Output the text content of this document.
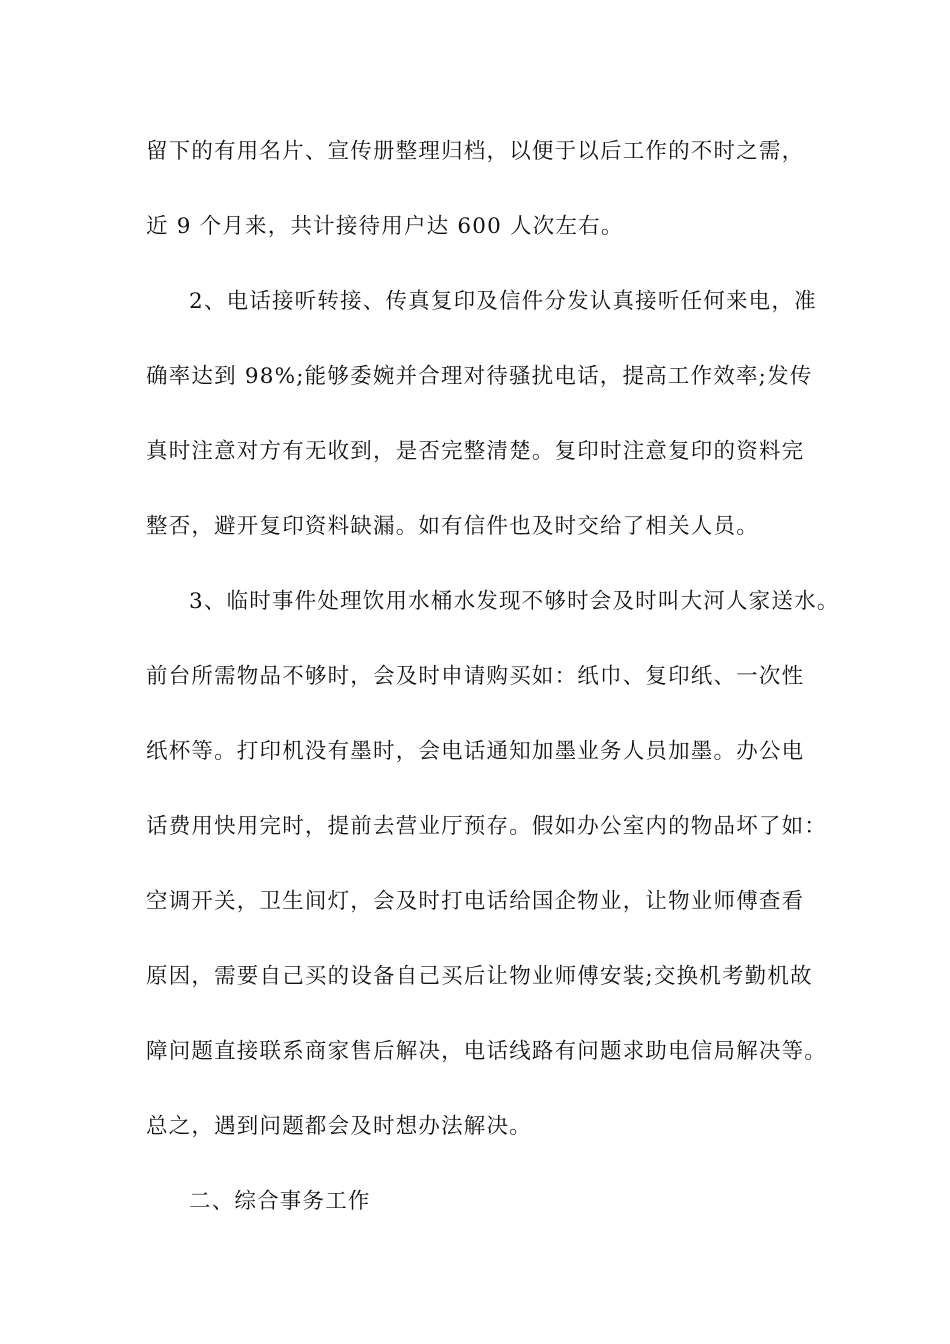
留下的有用名片、宣传册整理归档，以便于以后工作的不时之需，
近 9 个月来，共计接待用户达 600 人次左右。
2、电话接听转接、传真复印及信件分发认真接听任何来电，准
确率达到 98%;能够委婉并合理对待骚扰电话，提高工作效率;发传
真时注意对方有无收到，是否完整清楚。复印时注意复印的资料完
整否，避开复印资料缺漏。如有信件也及时交给了相关人员。
3、临时事件处理饮用水桶水发现不够时会及时叫大河人家送水。
前台所需物品不够时，会及时申请购买如：纸巾、复印纸、一次性
纸杯等。打印机没有墨时，会电话通知加墨业务人员加墨。办公电
话费用快用完时，提前去营业厅预存。假如办公室内的物品坏了如：
空调开关，卫生间灯，会及时打电话给国企物业，让物业师傅查看
原因，需要自己买的设备自己买后让物业师傅安装;交换机考勤机故
障问题直接联系商家售后解决，电话线路有问题求助电信局解决等。
总之，遇到问题都会及时想办法解决。
二、综合事务工作
